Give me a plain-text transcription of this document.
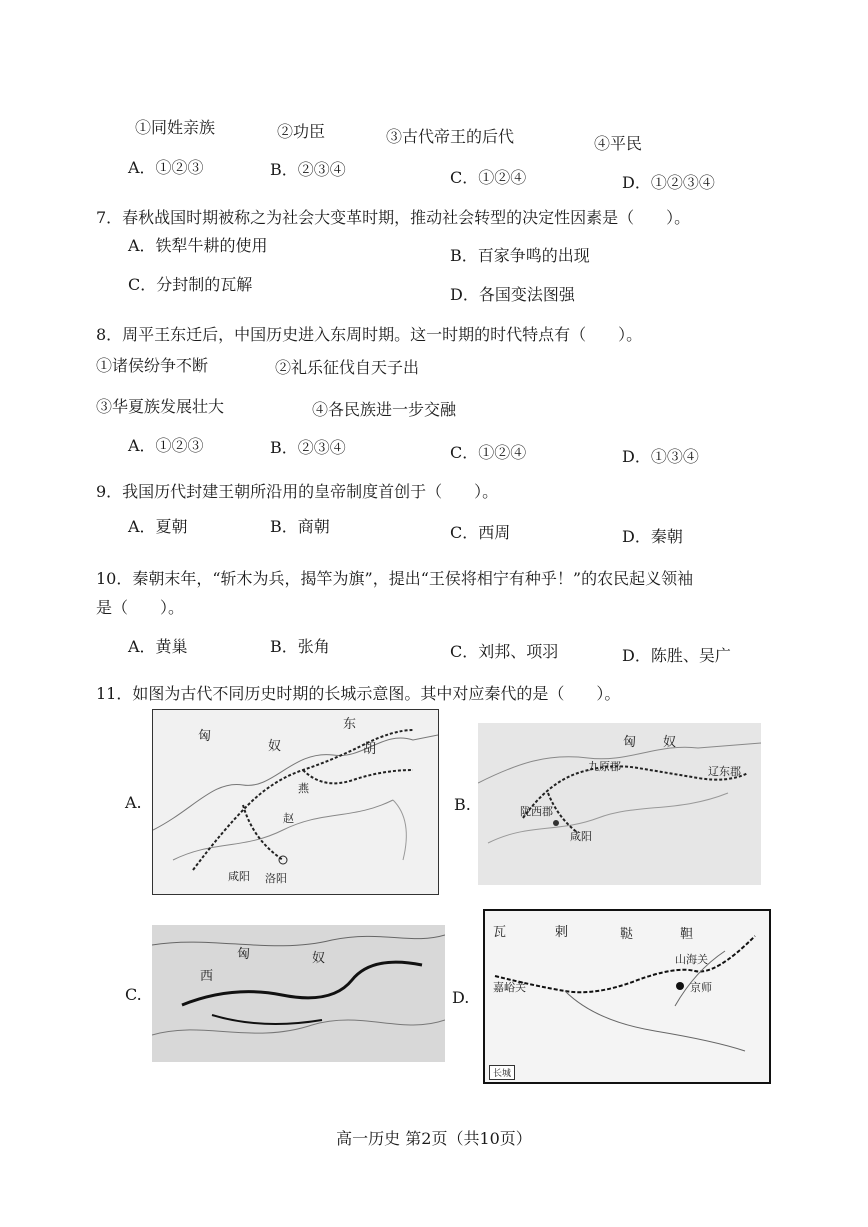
①同姓亲族	②功臣	③古代帝王的后代	④平民
A．①②③	B．②③④	C．①②④	D．①②③④
7．春秋战国时期被称之为社会大变革时期，推动社会转型的决定性因素是（　　）。
A．铁犁牛耕的使用
B．百家争鸣的出现
C．分封制的瓦解
D．各国变法图强
8．周平王东迁后，中国历史进入东周时期。这一时期的时代特点有（　　）。
①诸侯纷争不断	②礼乐征伐自天子出
③华夏族发展壮大	④各民族进一步交融
A．①②③	B．②③④	C．①②④	D．①③④
9．我国历代封建王朝所沿用的皇帝制度首创于（　　）。
A．夏朝	B．商朝	C．西周	D．秦朝
10．秦朝末年，“斩木为兵，揭竿为旗”，提出“王侯将相宁有种乎！”的农民起义领袖
是（　　）。
A．黄巢	B．张角	C．刘邦、项羽	D．陈胜、吴广
11．如图为古代不同历史时期的长城示意图。其中对应秦代的是（　　）。
A.	B.
C.	D.
匈
奴
东
胡
燕
赵
咸阳 洛阳
匈 奴
九原郡	辽东郡
陇西郡
咸阳
匈	奴
西
瓦	剌	鞑	靼
嘉峪关
山海关
京师
长城
高一历史 第2页（共10页）
